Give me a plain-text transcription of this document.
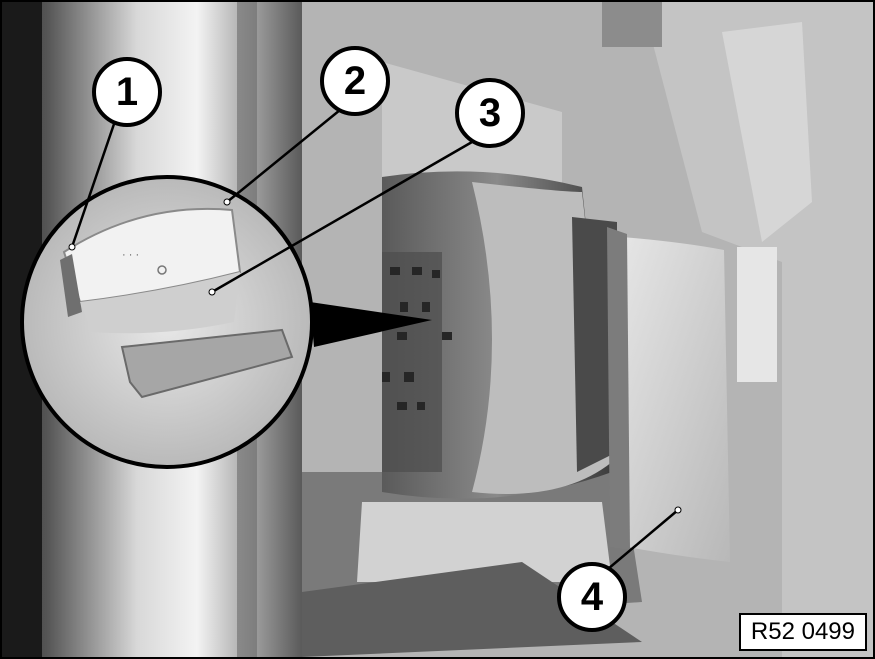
· · ·
1	2
3
4
R52 0499
